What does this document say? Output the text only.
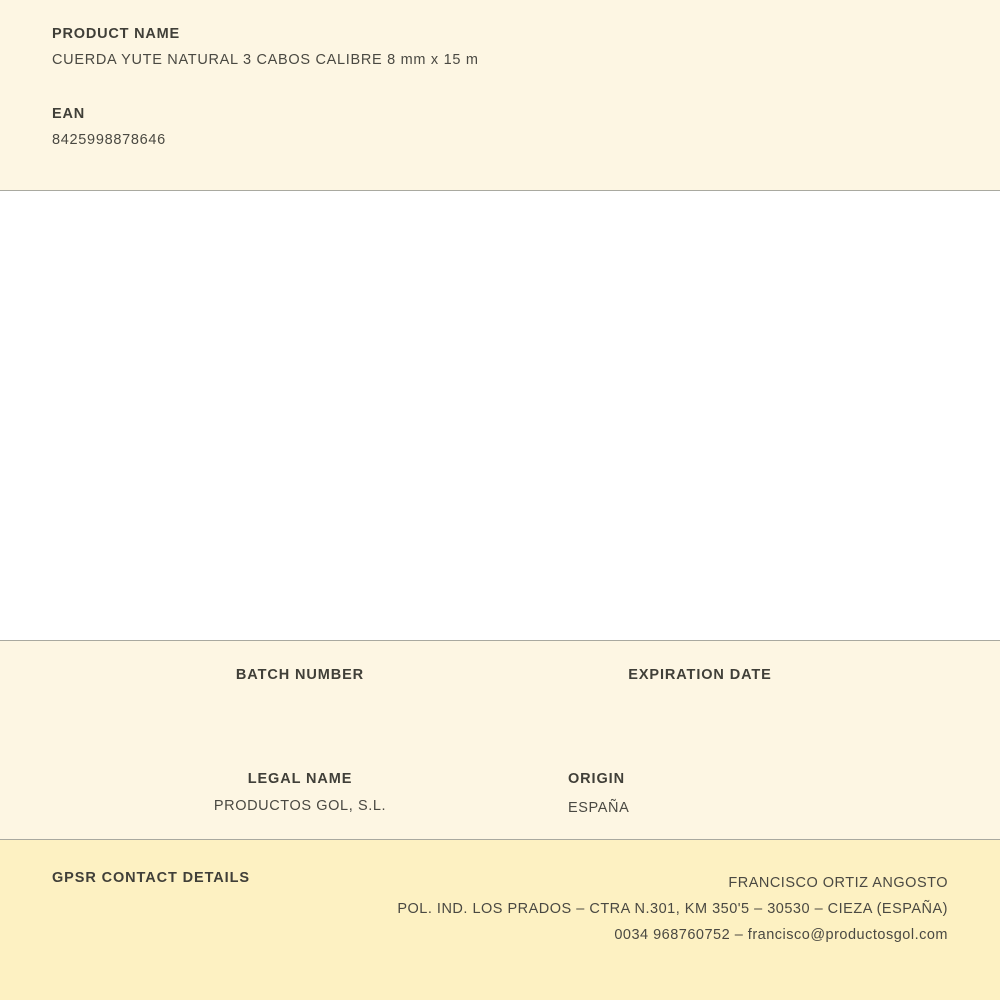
PRODUCT NAME

CUERDA YUTE NATURAL 3 CABOS CALIBRE 8 mm x 15 m

EAN

8425998878646

BATCH NUMBER	EXPIRATION DATE

LEGAL NAME

PRODUCTOS GOL, S.L.

ORIGIN

ESPAÑA

GPSR CONTACT DETAILS	FRANCISCO ORTIZ ANGOSTO
POL. IND. LOS PRADOS – CTRA N.301, KM 350'5 – 30530 – CIEZA (ESPAÑA)
0034 968760752 – francisco@productosgol.com
